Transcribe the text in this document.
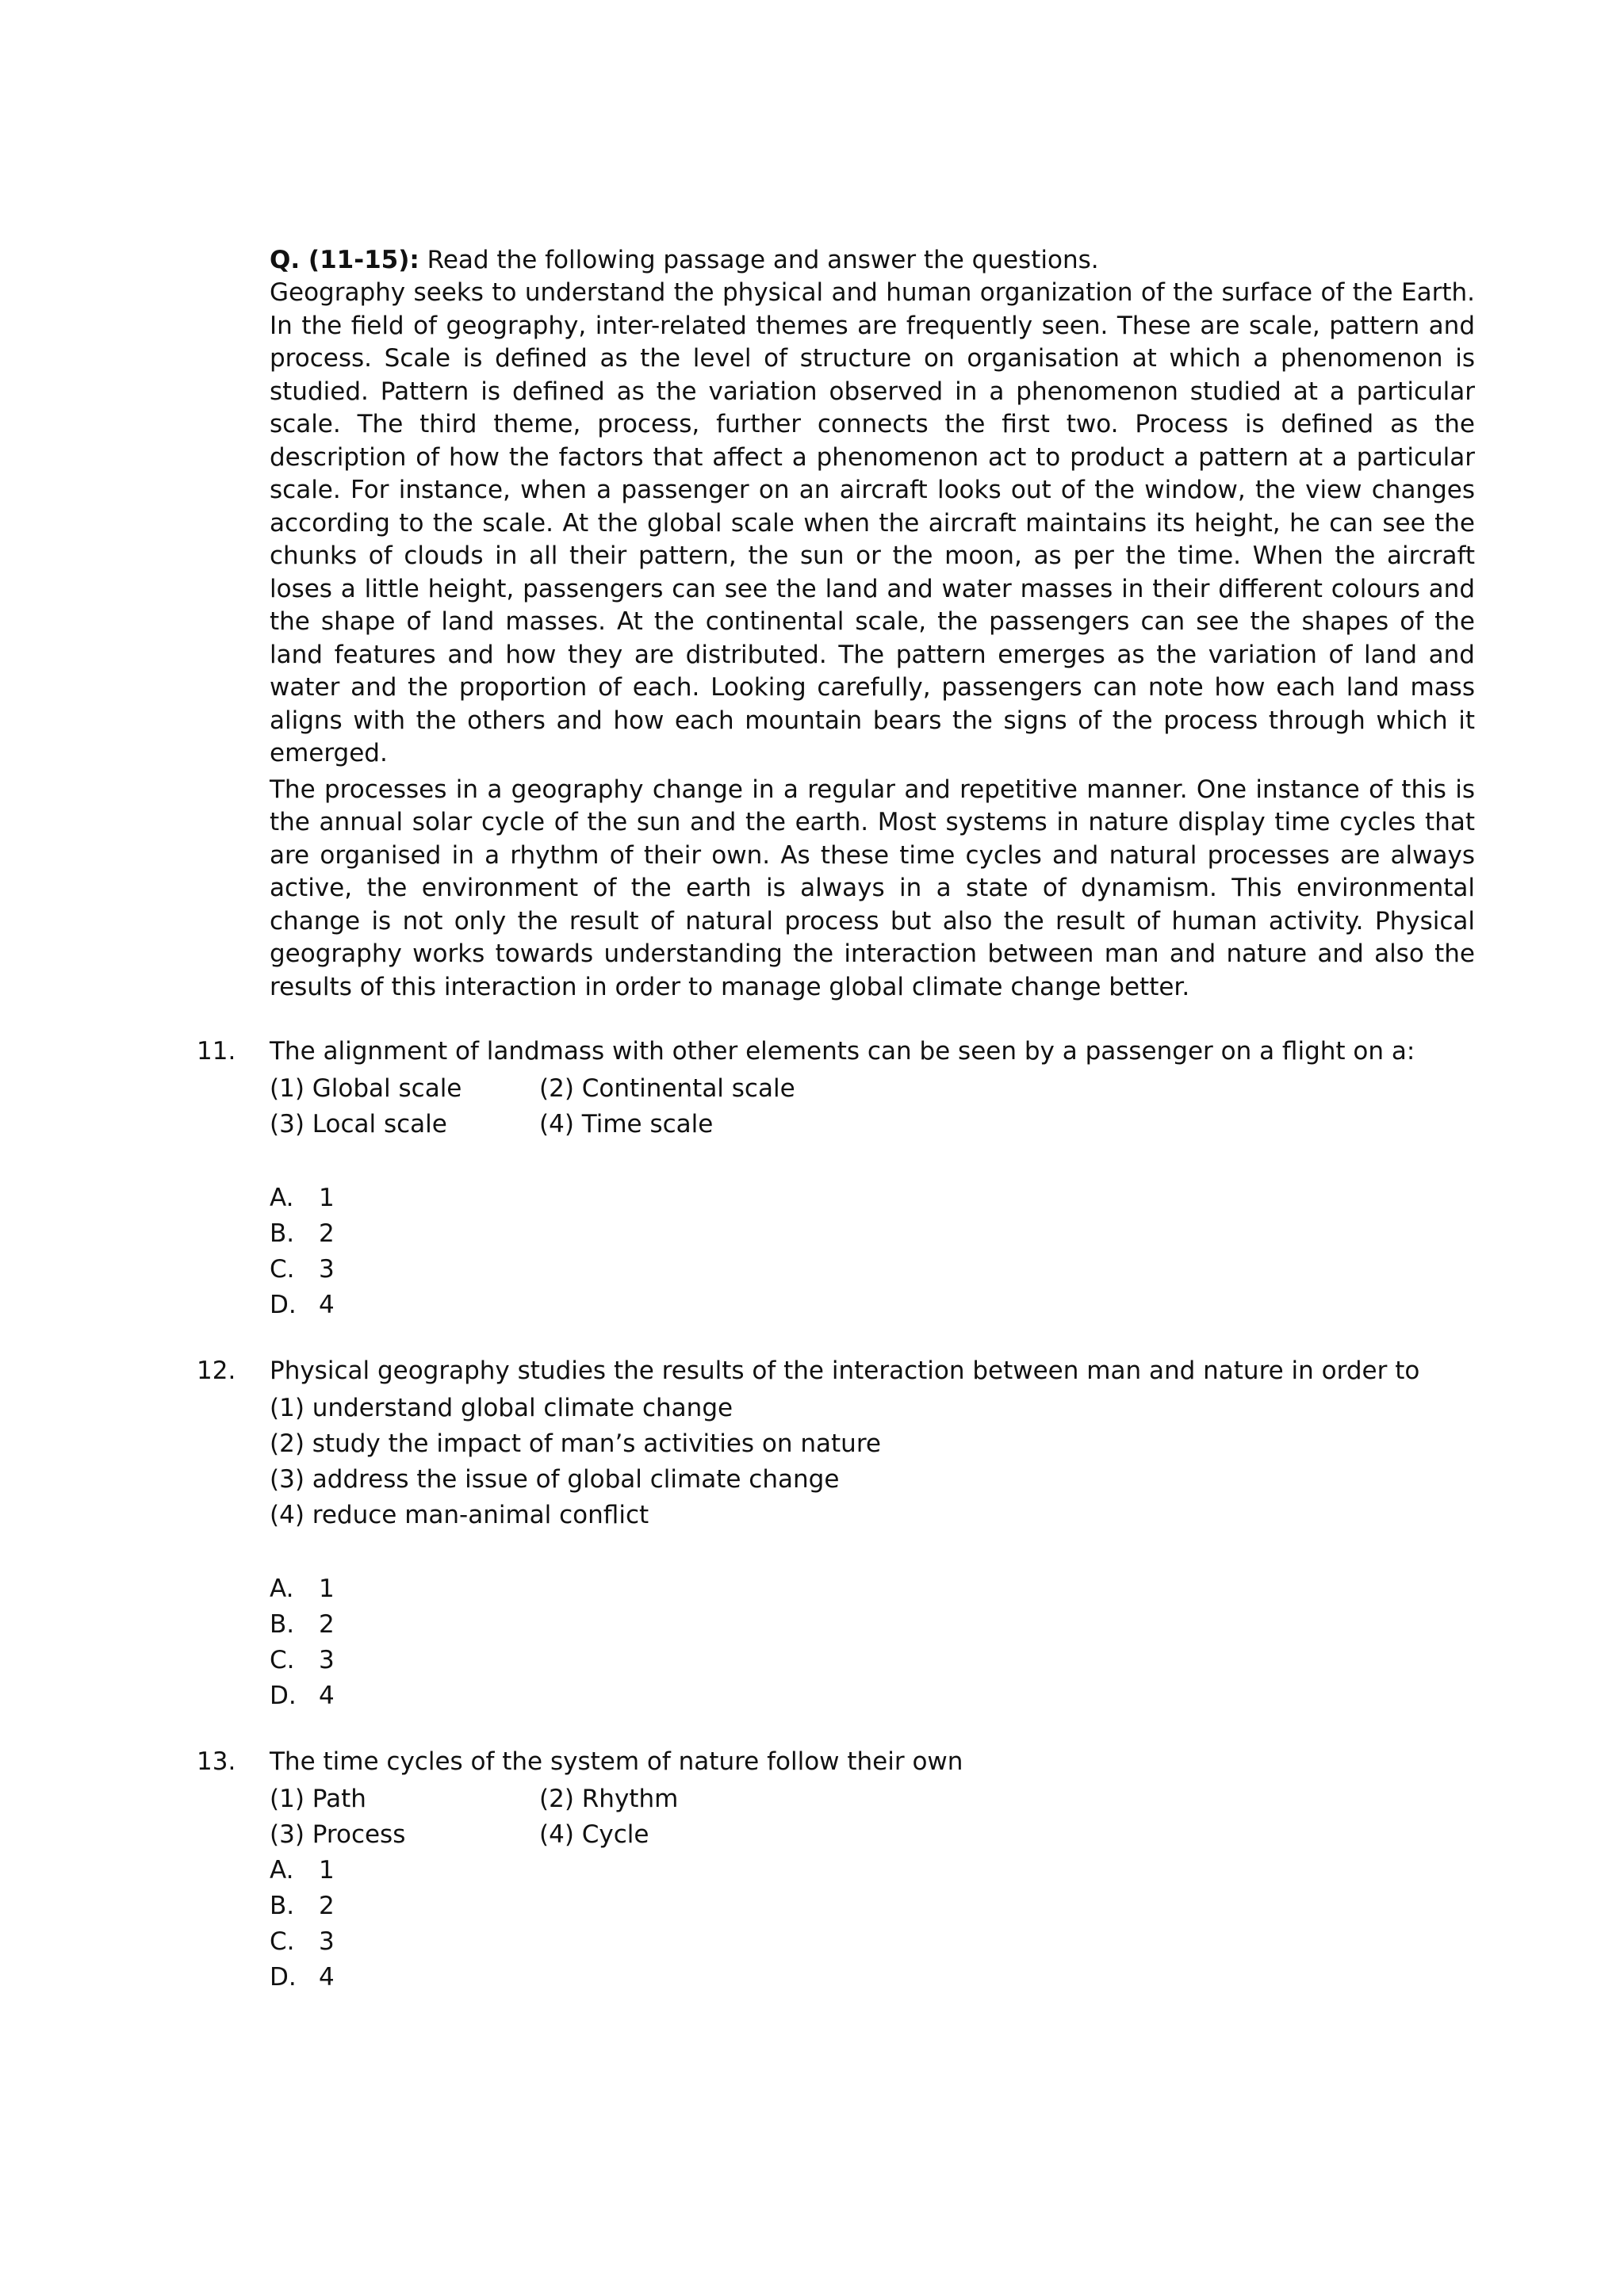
Q. (11-15): Read the following passage and answer the questions.

Geography seeks to understand the physical and human organization of the surface of the Earth. In the field of geography, inter-related themes are frequently seen. These are scale, pattern and process. Scale is defined as the level of structure on organisation at which a phenomenon is studied. Pattern is defined as the variation observed in a phenomenon studied at a particular scale. The third theme, process, further connects the first two. Process is defined as the description of how the factors that affect a phenomenon act to product a pattern at a particular scale. For instance, when a passenger on an aircraft looks out of the window, the view changes according to the scale. At the global scale when the aircraft maintains its height, he can see the chunks of clouds in all their pattern, the sun or the moon, as per the time. When the aircraft loses a little height, passengers can see the land and water masses in their different colours and the shape of land masses. At the continental scale, the passengers can see the shapes of the land features and how they are distributed. The pattern emerges as the variation of land and water and the proportion of each. Looking carefully, passengers can note how each land mass aligns with the others and how each mountain bears the signs of the process through which it emerged.

The processes in a geography change in a regular and repetitive manner. One instance of this is the annual solar cycle of the sun and the earth. Most systems in nature display time cycles that are organised in a rhythm of their own. As these time cycles and natural processes are always active, the environment of the earth is always in a state of dynamism. This environmental change is not only the result of natural process but also the result of human activity. Physical geography works towards understanding the interaction between man and nature and also the results of this interaction in order to manage global climate change better.

11. The alignment of landmass with other elements can be seen by a passenger on a flight on a:

(1) Global scale	(2) Continental scale
(3) Local scale	(4) Time scale
A. 1
B. 2
C. 3
D. 4
12. Physical geography studies the results of the interaction between man and nature in order to

(1) understand global climate change
(2) study the impact of man’s activities on nature
(3) address the issue of global climate change
(4) reduce man-animal conflict
A. 1
B. 2
C. 3
D. 4
13. The time cycles of the system of nature follow their own

(1) Path	(2) Rhythm
(3) Process	(4) Cycle
A. 1
B. 2
C. 3
D. 4
